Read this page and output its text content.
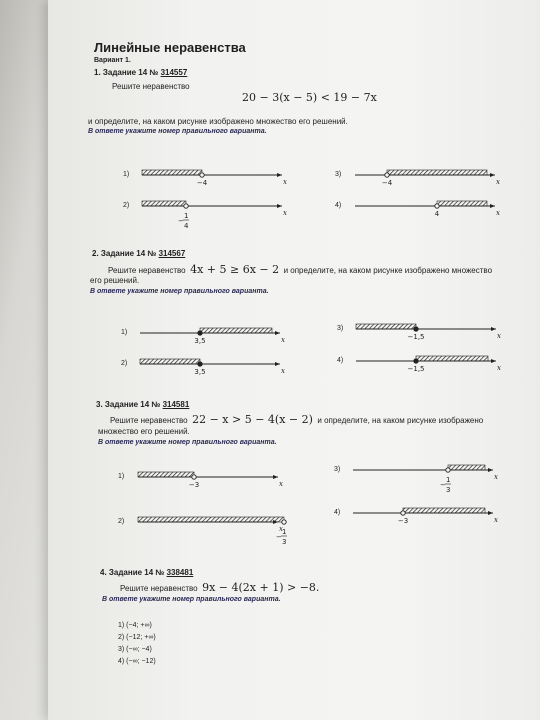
Линейные неравенства
Вариант 1.
1. Задание 14 № 314557
Решите неравенство
20 − 3(x − 5) < 19 − 7x
и определите, на каком рисунке изображено множество его решений.
В ответе укажите номер правильного варианта.
1)
x
−4
3)
x
−4
2)
x
−
1
4
4)
x
4
2. Задание 14 № 314567
Решите неравенство 4x + 5 ≥ 6x − 2 и определите, на каком рисунке изображено множество
его решений.
В ответе укажите номер правильного варианта.
1)
x
3,5
3)
x
−1,5
2)
x
3,5
4)
x
−1,5
3. Задание 14 № 314581
Решите неравенство 22 − x > 5 − 4(x − 2) и определите, на каком рисунке изображено
множество его решений.
В ответе укажите номер правильного варианта.
1)
x
−3
3)
x
−
1
3
2)
x
−
1
3
4)
x
−3
4. Задание 14 № 338481
Решите неравенство 9x − 4(2x + 1) > −8.
В ответе укажите номер правильного варианта.
1) (−4; +∞)
2) (−12; +∞)
3) (−∞; −4)
4) (−∞; −12)
